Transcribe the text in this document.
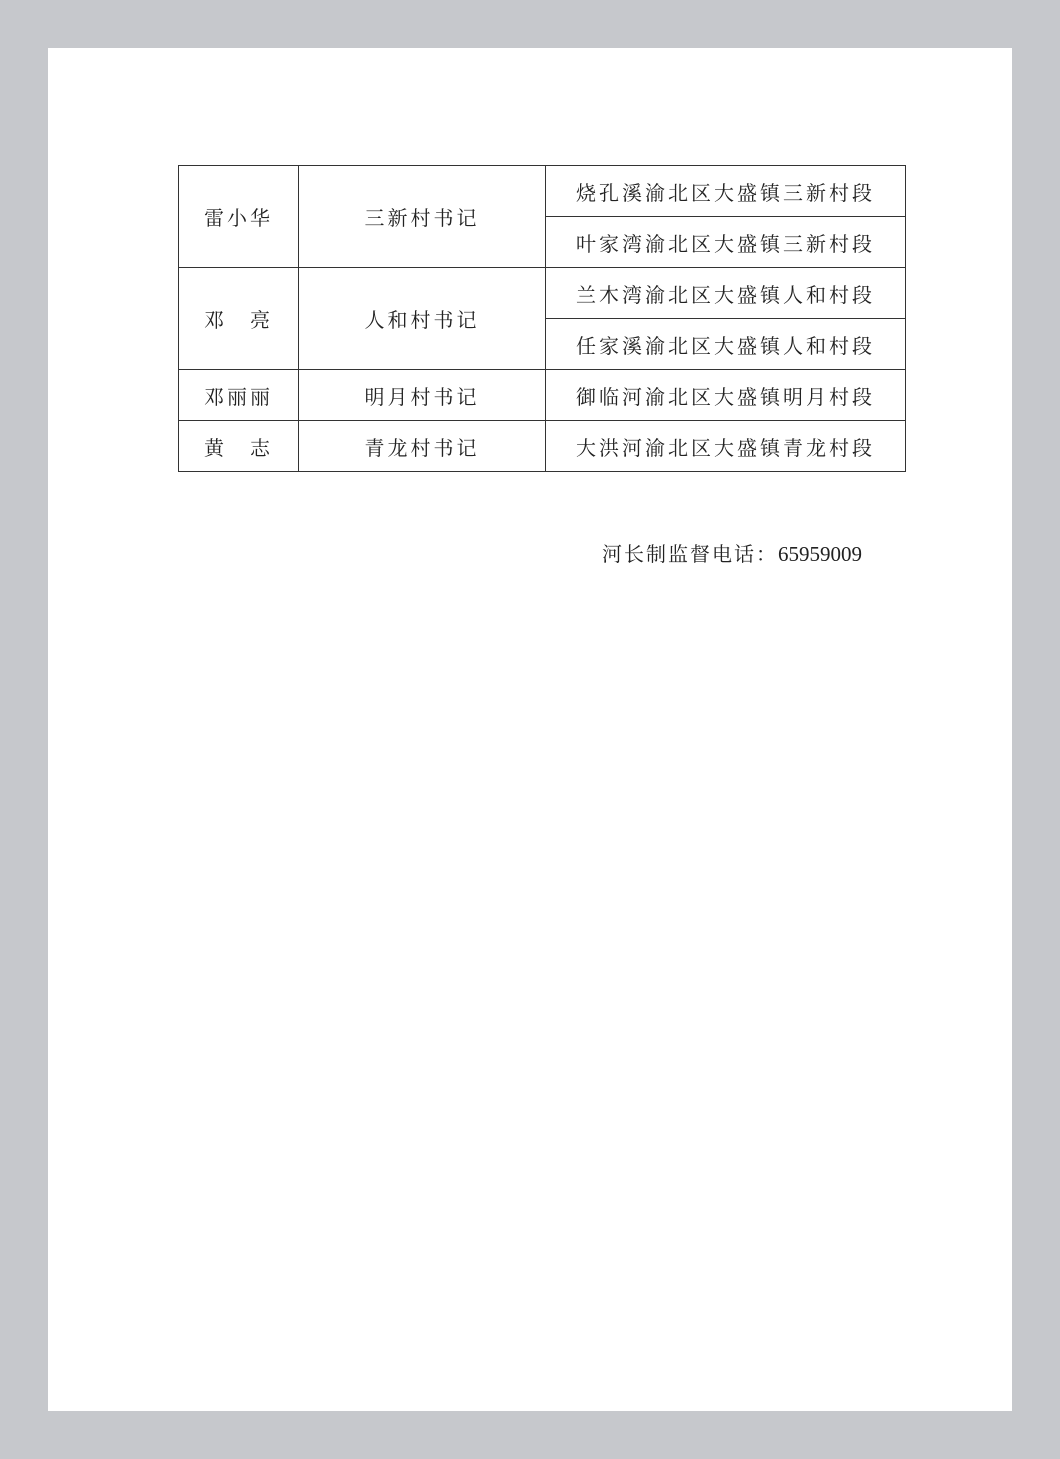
雷小华	三新村书记	烧孔溪渝北区大盛镇三新村段
		叶家湾渝北区大盛镇三新村段
邓　亮	人和村书记	兰木湾渝北区大盛镇人和村段
		任家溪渝北区大盛镇人和村段
邓丽丽	明月村书记	御临河渝北区大盛镇明月村段
黄　志	青龙村书记	大洪河渝北区大盛镇青龙村段
河长制监督电话：65959009
